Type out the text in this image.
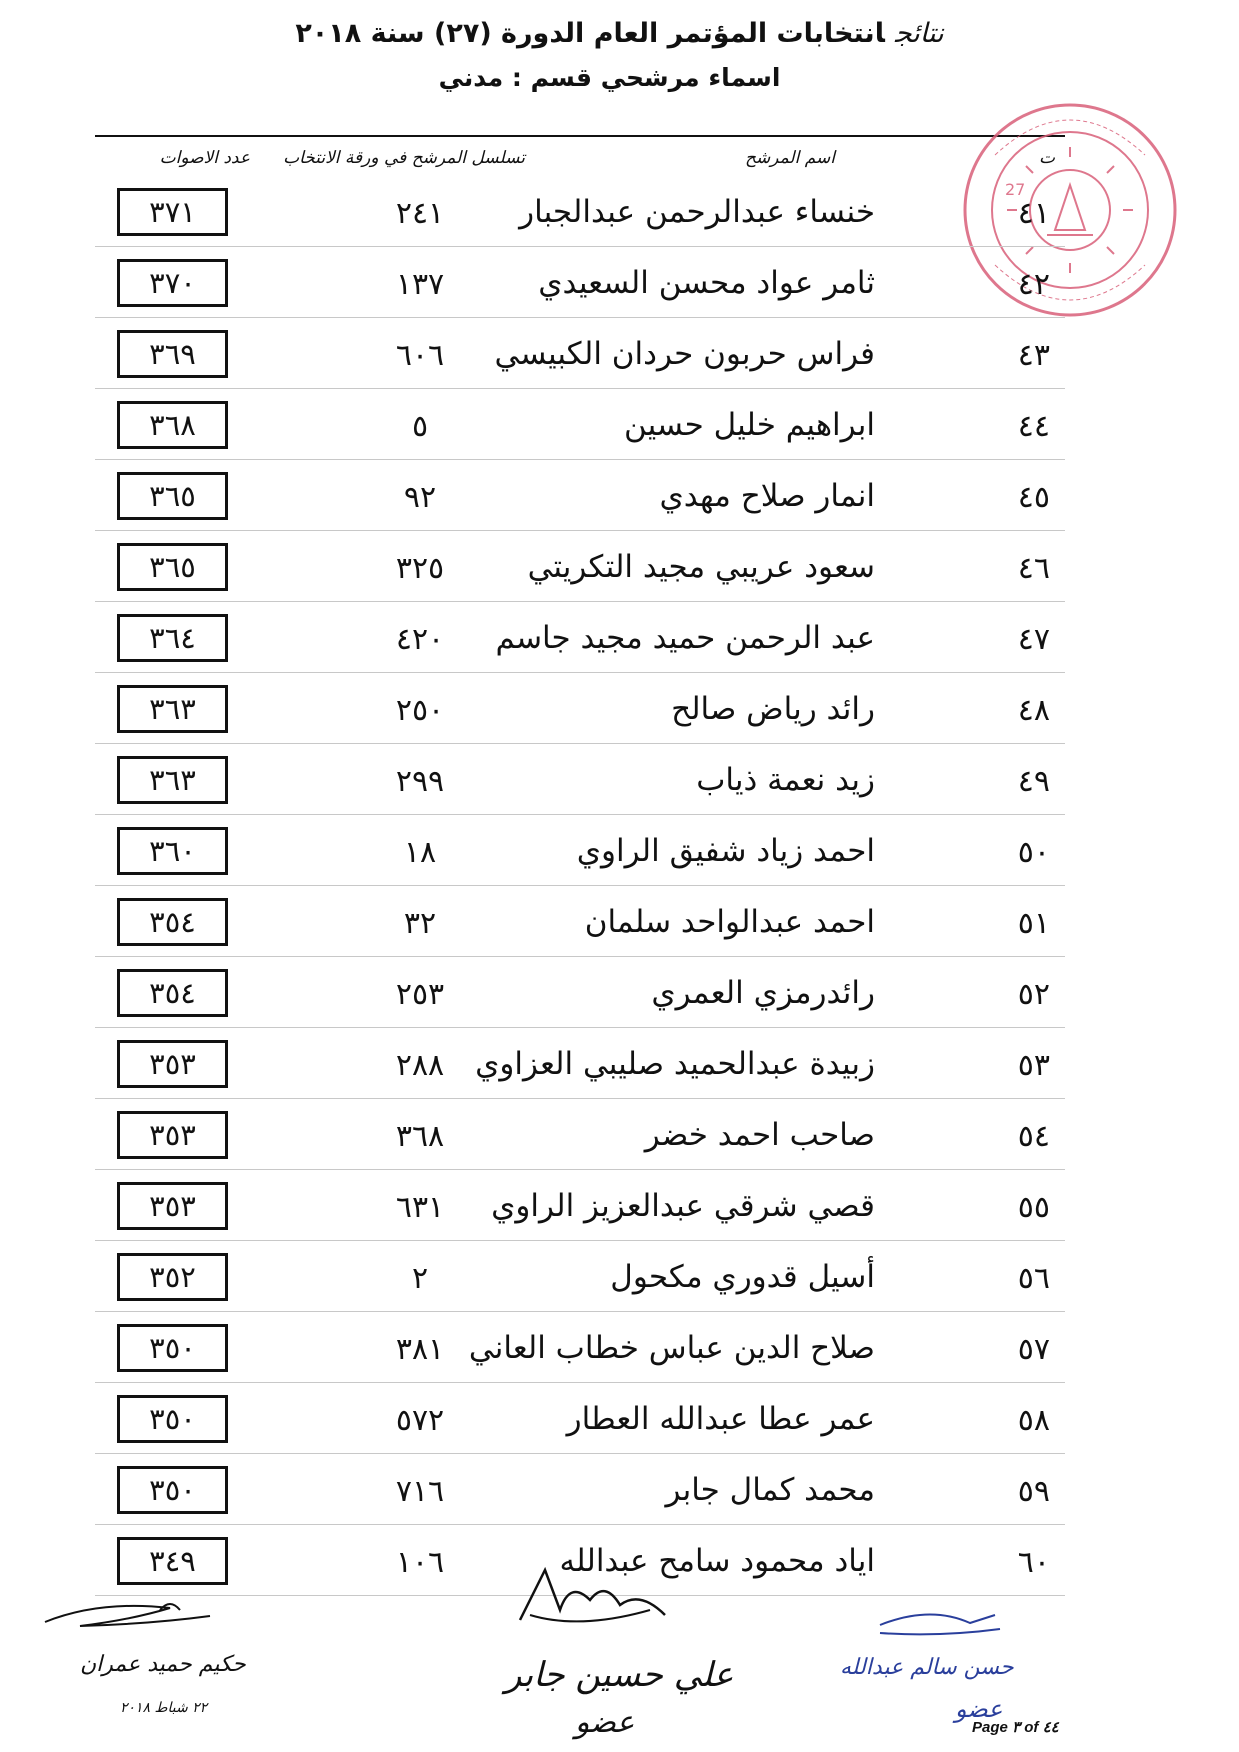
نتائجانتخابات المؤتمر العام الدورة (٢٧) سنة ٢٠١٨
اسماء مرشحي قسم : مدني
ت
اسم المرشح
تسلسل المرشح في ورقة الانتخاب
عدد الاصوات
27
٤١
خنساء عبدالرحمن عبدالجبار
٢٤١
٣٧١
٤٢
ثامر عواد محسن السعيدي
١٣٧
٣٧٠
٤٣
فراس حربون حردان الكبيسي
٦٠٦
٣٦٩
٤٤
ابراهيم خليل حسين
٥
٣٦٨
٤٥
انمار صلاح مهدي
٩٢
٣٦٥
٤٦
سعود عريبي مجيد التكريتي
٣٢٥
٣٦٥
٤٧
عبد الرحمن حميد مجيد جاسم
٤٢٠
٣٦٤
٤٨
رائد رياض صالح
٢٥٠
٣٦٣
٤٩
زيد نعمة ذياب
٢٩٩
٣٦٣
٥٠
احمد زياد شفيق الراوي
١٨
٣٦٠
٥١
احمد عبدالواحد سلمان
٣٢
٣٥٤
٥٢
رائدرمزي العمري
٢٥٣
٣٥٤
٥٣
زبيدة عبدالحميد صليبي العزاوي
٢٨٨
٣٥٣
٥٤
صاحب احمد خضر
٣٦٨
٣٥٣
٥٥
قصي شرقي عبدالعزيز الراوي
٦٣١
٣٥٣
٥٦
أسيل قدوري مكحول
٢
٣٥٢
٥٧
صلاح الدين عباس خطاب العاني
٣٨١
٣٥٠
٥٨
عمر عطا عبدالله العطار
٥٧٢
٣٥٠
٥٩
محمد كمال جابر
٧١٦
٣٥٠
٦٠
اياد محمود سامح عبدالله
١٠٦
٣٤٩
حكيم حميد عمران
٢٢ شباط ٢٠١٨
علي حسين جابر
عضو
حسن سالم عبدالله
عضو
Page ٣ of ٤٤
